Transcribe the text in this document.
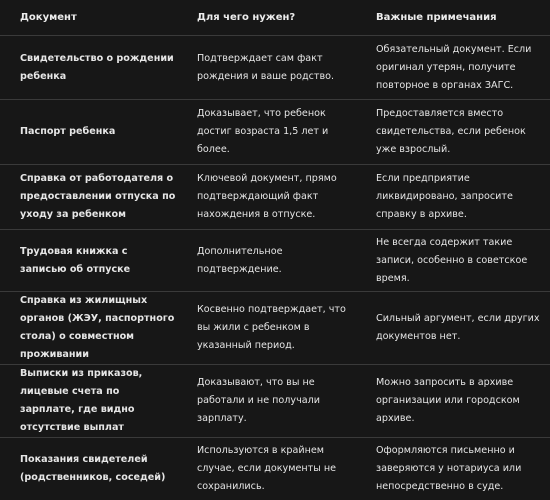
Документ	Для чего нужен?	Важные примечания
Свидетельство о рождении ребенка	Подтверждает сам факт рождения и ваше родство.	Обязательный документ. Если оригинал утерян, получите повторное в органах ЗАГС.
Паспорт ребенка	Доказывает, что ребенок достиг возраста 1,5 лет и более.	Предоставляется вместо свидетельства, если ребенок уже взрослый.
Справка от работодателя о предоставлении отпуска по уходу за ребенком	Ключевой документ, прямо подтверждающий факт нахождения в отпуске.	Если предприятие ликвидировано, запросите справку в архиве.
Трудовая книжка с записью об отпуске	Дополнительное подтверждение.	Не всегда содержит такие записи, особенно в советское время.
Справка из жилищных органов (ЖЭУ, паспортного стола) о совместном проживании	Косвенно подтверждает, что вы жили с ребенком в указанный период.	Сильный аргумент, если других документов нет.
Выписки из приказов, лицевые счета по зарплате, где видно отсутствие выплат	Доказывают, что вы не работали и не получали зарплату.	Можно запросить в архиве организации или городском архиве.
Показания свидетелей (родственников, соседей)	Используются в крайнем случае, если документы не сохранились.	Оформляются письменно и заверяются у нотариуса или непосредственно в суде.
